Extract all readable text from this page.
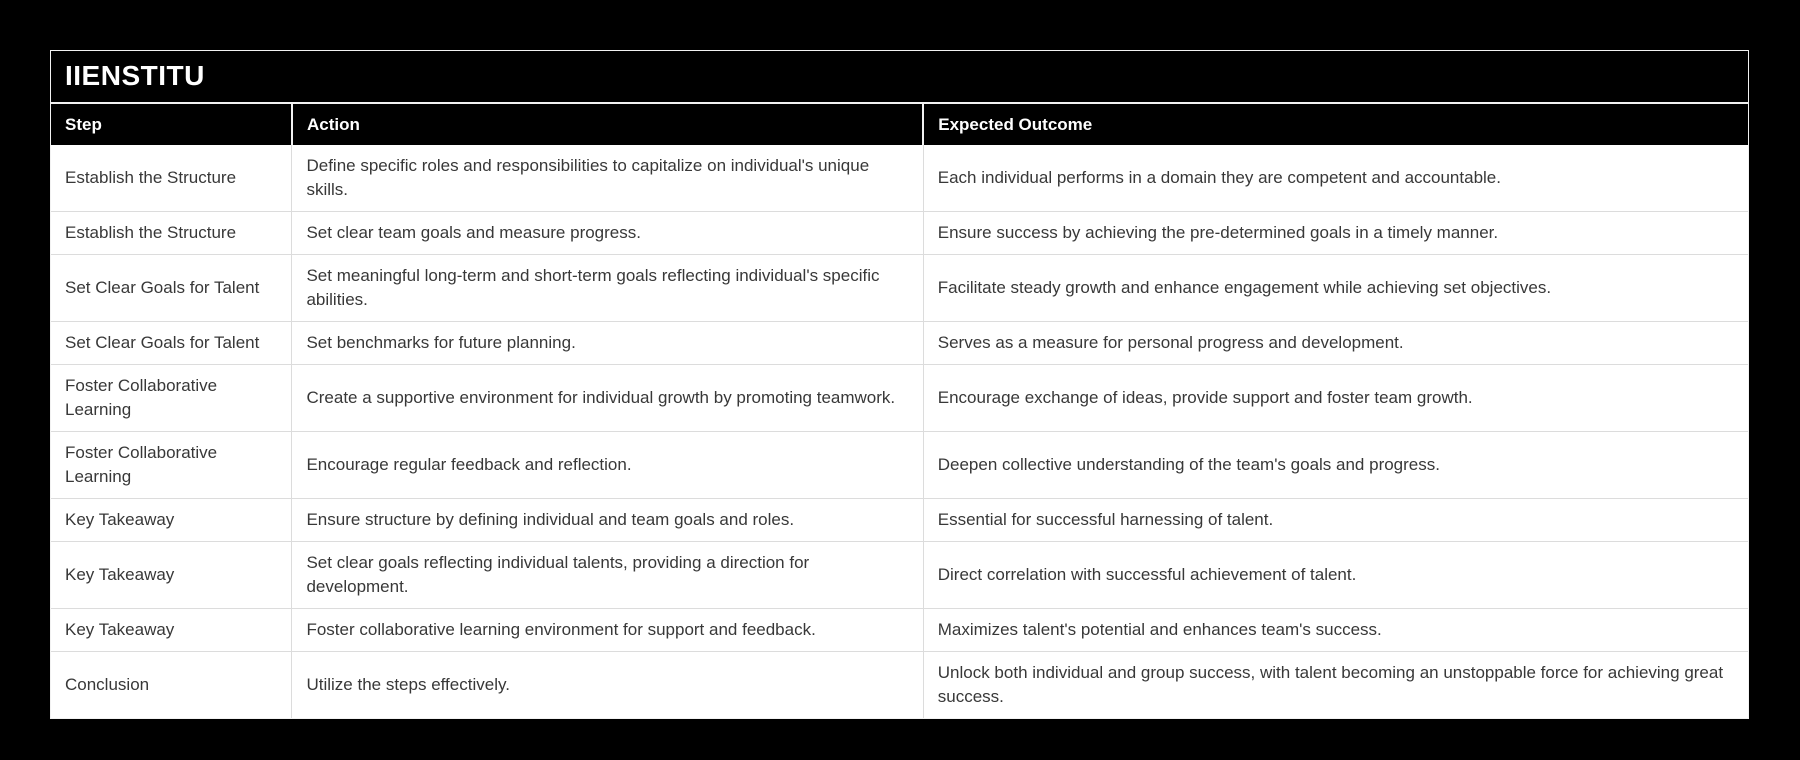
IIENSTITU
Step	Action	Expected Outcome
Establish the Structure	Define specific roles and responsibilities to capitalize on individual's unique skills.	Each individual performs in a domain they are competent and accountable.
Establish the Structure	Set clear team goals and measure progress.	Ensure success by achieving the pre-determined goals in a timely manner.
Set Clear Goals for Talent	Set meaningful long-term and short-term goals reflecting individual's specific abilities.	Facilitate steady growth and enhance engagement while achieving set objectives.
Set Clear Goals for Talent	Set benchmarks for future planning.	Serves as a measure for personal progress and development.
Foster Collaborative Learning	Create a supportive environment for individual growth by promoting teamwork.	Encourage exchange of ideas, provide support and foster team growth.
Foster Collaborative Learning	Encourage regular feedback and reflection.	Deepen collective understanding of the team's goals and progress.
Key Takeaway	Ensure structure by defining individual and team goals and roles.	Essential for successful harnessing of talent.
Key Takeaway	Set clear goals reflecting individual talents, providing a direction for development.	Direct correlation with successful achievement of talent.
Key Takeaway	Foster collaborative learning environment for support and feedback.	Maximizes talent's potential and enhances team's success.
Conclusion	Utilize the steps effectively.	Unlock both individual and group success, with talent becoming an unstoppable force for achieving great success.
